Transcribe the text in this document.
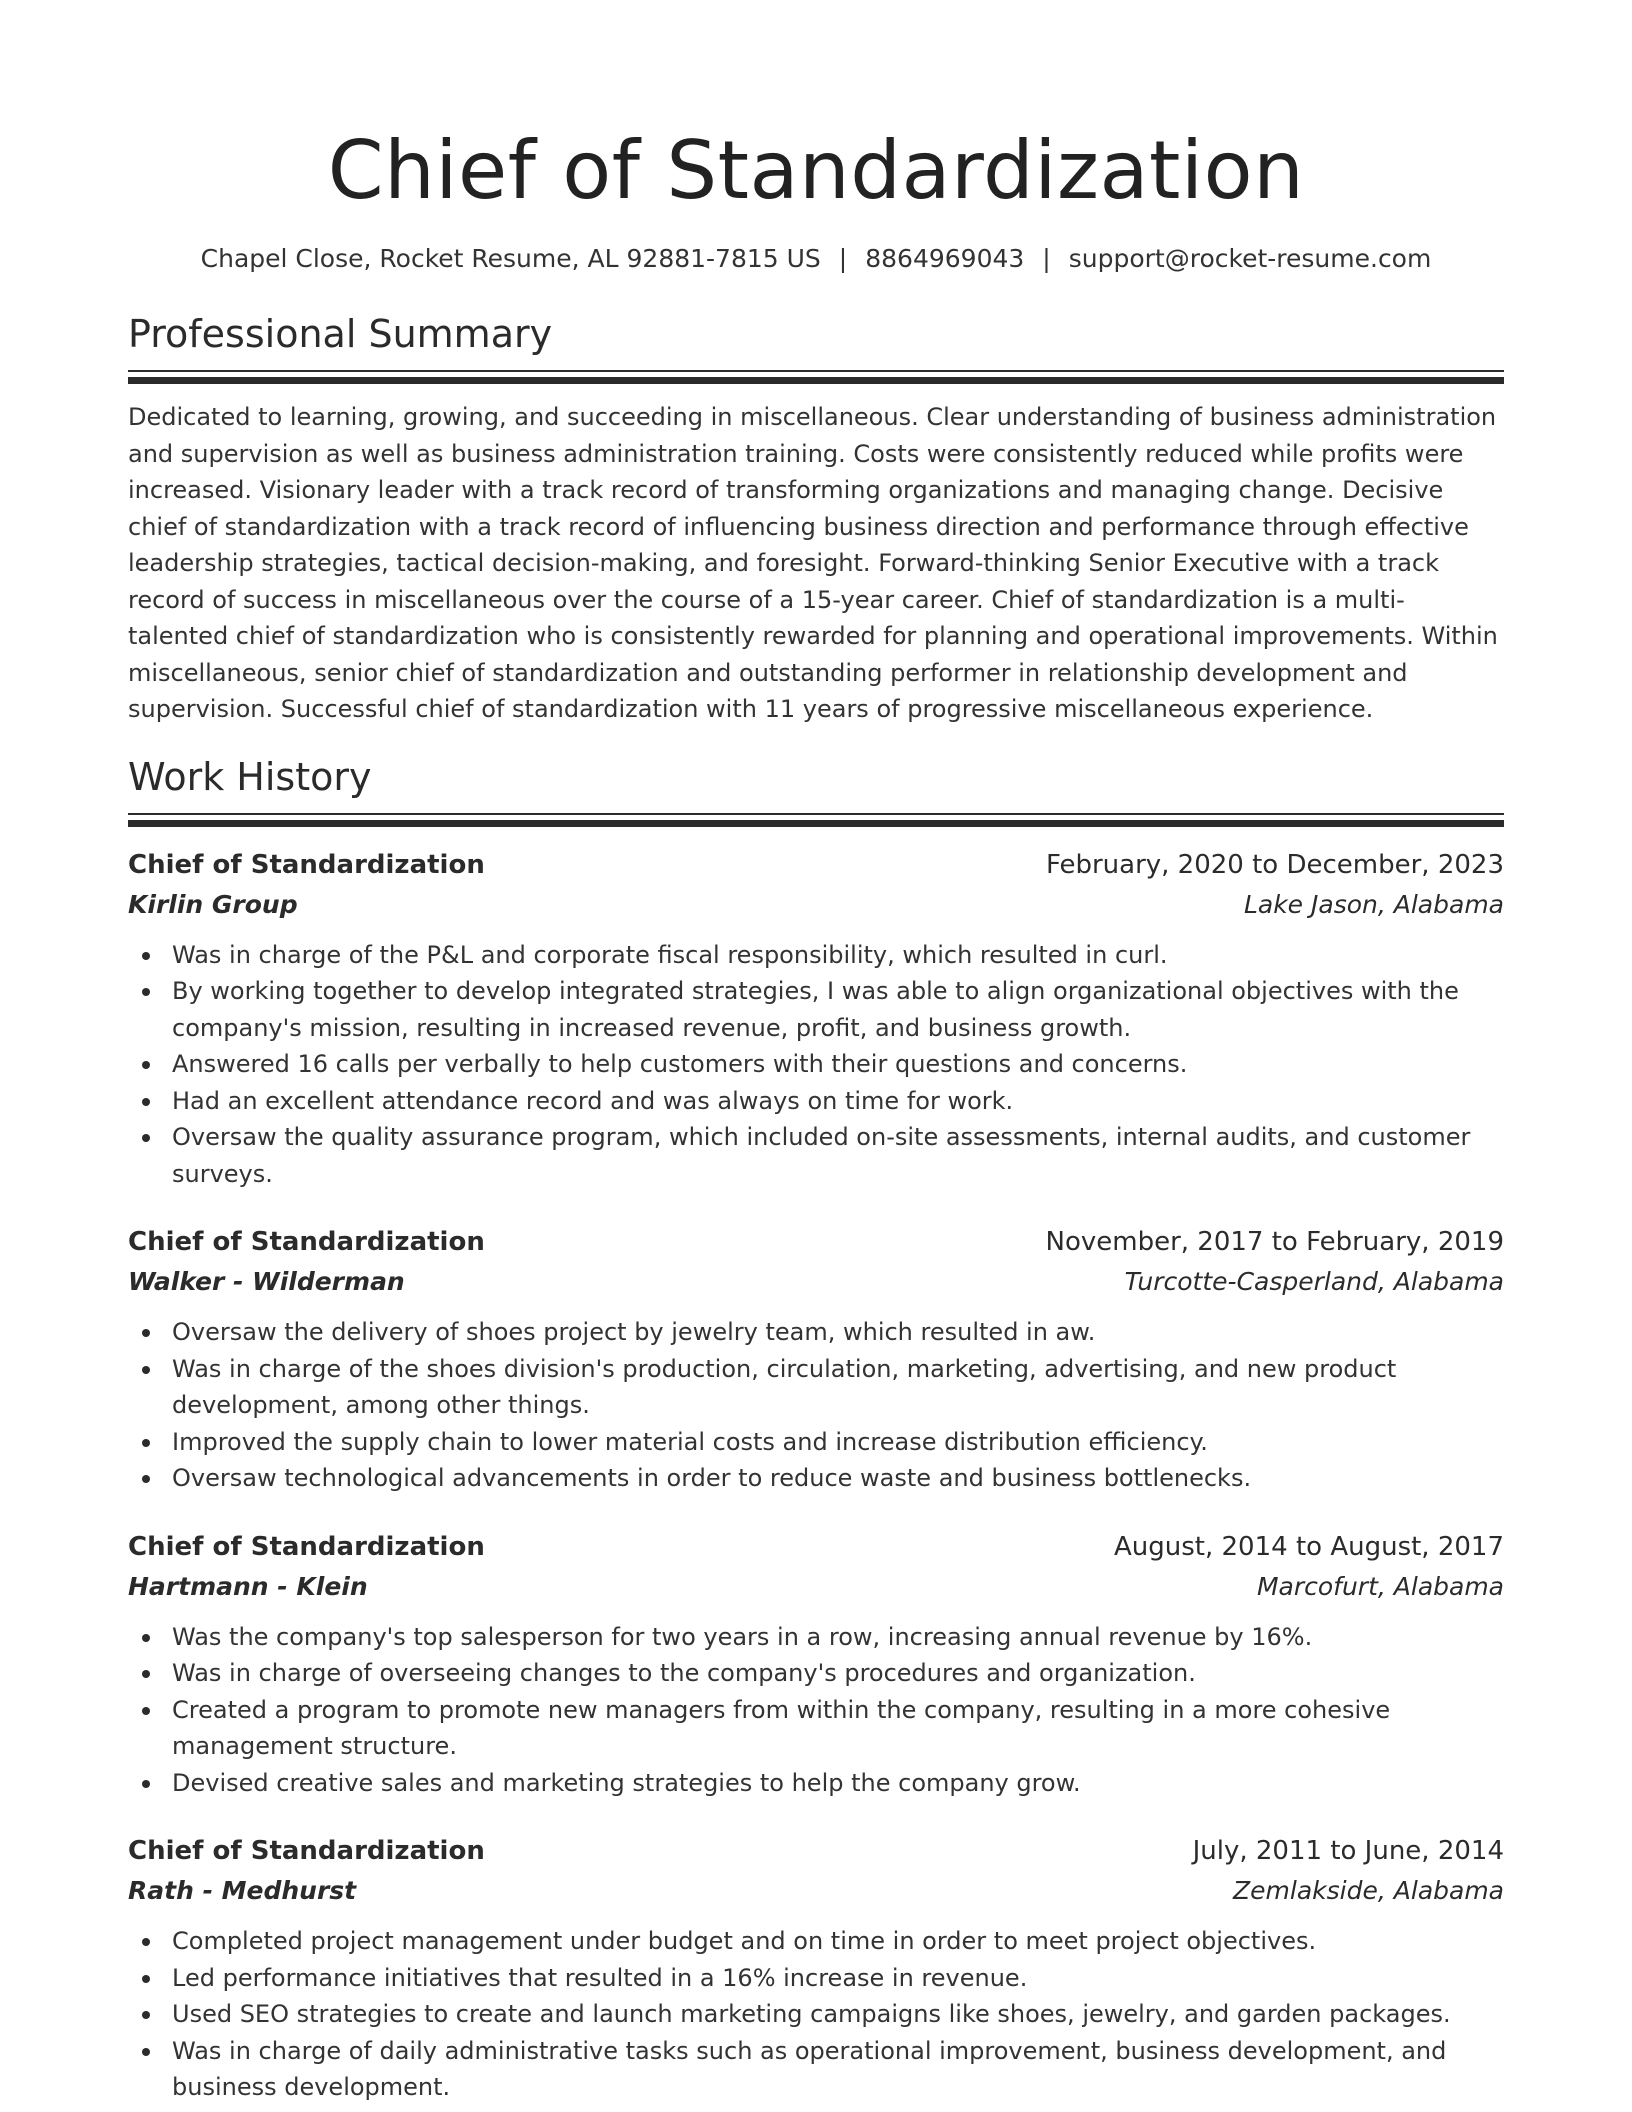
Chief of Standardization
Chapel Close, Rocket Resume, AL 92881-7815 US | 8864969043 | support@rocket-resume.com
Professional Summary

Dedicated to learning, growing, and succeeding in miscellaneous. Clear understanding of business administration and supervision as well as business administration training. Costs were consistently reduced while profits were increased. Visionary leader with a track record of transforming organizations and managing change. Decisive chief of standardization with a track record of influencing business direction and performance through effective leadership strategies, tactical decision-making, and foresight. Forward-thinking Senior Executive with a track record of success in miscellaneous over the course of a 15-year career. Chief of standardization is a multi-talented chief of standardization who is consistently rewarded for planning and operational improvements. Within miscellaneous, senior chief of standardization and outstanding performer in relationship development and supervision. Successful chief of standardization with 11 years of progressive miscellaneous experience.

Work History
Chief of Standardization	February, 2020 to December, 2023
Kirlin Group	Lake Jason, Alabama
Was in charge of the P&L and corporate fiscal responsibility, which resulted in curl.
By working together to develop integrated strategies, I was able to align organizational objectives with the company's mission, resulting in increased revenue, profit, and business growth.
Answered 16 calls per verbally to help customers with their questions and concerns.
Had an excellent attendance record and was always on time for work.
Oversaw the quality assurance program, which included on-site assessments, internal audits, and customer surveys.
Chief of Standardization	November, 2017 to February, 2019
Walker - Wilderman	Turcotte-Casperland, Alabama
Oversaw the delivery of shoes project by jewelry team, which resulted in aw.
Was in charge of the shoes division's production, circulation, marketing, advertising, and new product development, among other things.
Improved the supply chain to lower material costs and increase distribution efficiency.
Oversaw technological advancements in order to reduce waste and business bottlenecks.
Chief of Standardization	August, 2014 to August, 2017
Hartmann - Klein	Marcofurt, Alabama
Was the company's top salesperson for two years in a row, increasing annual revenue by 16%.
Was in charge of overseeing changes to the company's procedures and organization.
Created a program to promote new managers from within the company, resulting in a more cohesive management structure.
Devised creative sales and marketing strategies to help the company grow.
Chief of Standardization	July, 2011 to June, 2014
Rath - Medhurst	Zemlakside, Alabama
Completed project management under budget and on time in order to meet project objectives.
Led performance initiatives that resulted in a 16% increase in revenue.
Used SEO strategies to create and launch marketing campaigns like shoes, jewelry, and garden packages.
Was in charge of daily administrative tasks such as operational improvement, business development, and business development.
